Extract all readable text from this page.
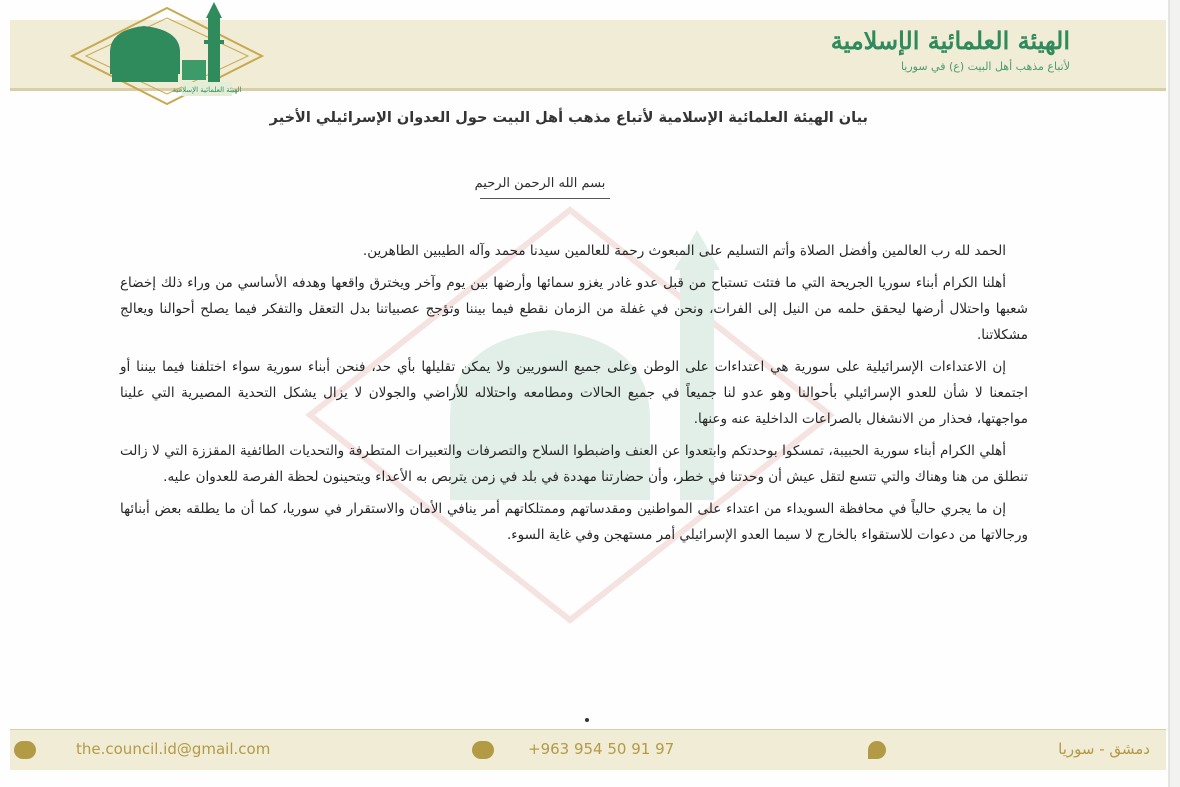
الهيئة العلمائية الإسلامية
الهيئة العلمائية الإسلامية
لأتباع مذهب أهل البيت (ع) في سوريا
بيان الهيئة العلمائية الإسلامية لأتباع مذهب أهل البيت حول العدوان الإسرائيلي الأخير
بسم الله الرحمن الرحيم

الحمد لله رب العالمين وأفضل الصلاة وأتم التسليم على المبعوث رحمة للعالمين سيدنا محمد وآله الطيبين الطاهرين.

أهلنا الكرام أبناء سوريا الجريحة التي ما فتئت تستباح من قبل عدو غادر يغزو سمائها وأرضها بين يوم وآخر ويخترق واقعها وهدفه الأساسي من وراء ذلك إخضاع شعبها واحتلال أرضها ليحقق حلمه من النيل إلى الفرات، ونحن في غفلة من الزمان نقطع فيما بيننا وتؤجج عصبياتنا بدل التعقل والتفكر فيما يصلح أحوالنا ويعالج مشكلاتنا.

إن الاعتداءات الإسرائيلية على سورية هي اعتداءات على الوطن وعلى جميع السوريين ولا يمكن تقليلها بأي حد، فنحن أبناء سورية سواء اختلفنا فيما بيننا أو اجتمعنا لا شأن للعدو الإسرائيلي بأحوالنا وهو عدو لنا جميعاً في جميع الحالات ومطامعه واحتلاله للأراضي والجولان لا يزال يشكل التحدية المصيرية التي علينا مواجهتها، فحذار من الانشغال بالصراعات الداخلية عنه وعنها.

أهلي الكرام أبناء سورية الحبيبة، تمسكوا بوحدتكم وابتعدوا عن العنف واضبطوا السلاح والتصرفات والتعبيرات المتطرفة والتحديات الطائفية المقززة التي لا زالت تنطلق من هنا وهناك والتي تتسع لتقل عيش أن وحدتنا في خطر، وأن حضارتنا مهددة في بلد في زمن يتربص به الأعداء ويتحينون لحظة الفرصة للعدوان عليه.

إن ما يجري حالياً في محافظة السويداء من اعتداء على المواطنين ومقدساتهم وممتلكاتهم أمر ينافي الأمان والاستقرار في سوريا، كما أن ما يطلقه بعض أبنائها ورجالاتها من دعوات للاستقواء بالخارج لا سيما العدو الإسرائيلي أمر مستهجن وفي غاية السوء.

the.council.id@gmail.com	+963 954 50 91 97	دمشق - سوريا
